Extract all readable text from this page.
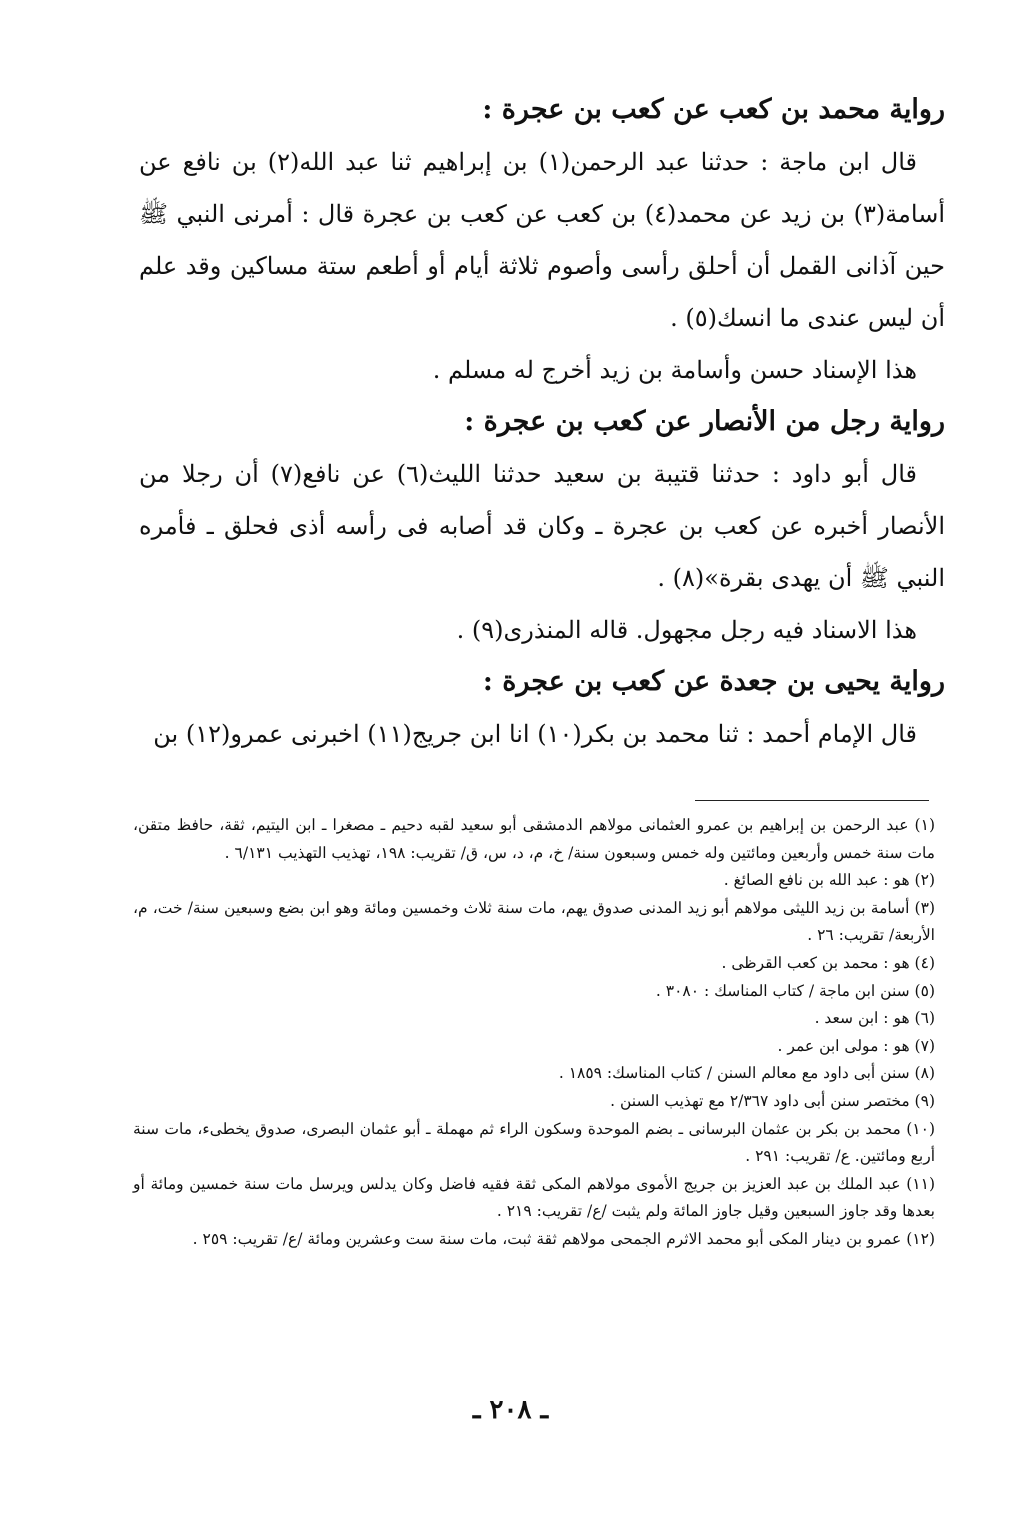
رواية محمد بن كعب عن كعب بن عجرة :

قال ابن ماجة : حدثنا عبد الرحمن(١) بن إبراهيم ثنا عبد الله(٢) بن نافع عن أسامة(٣) بن زيد عن محمد(٤) بن كعب عن كعب بن عجرة قال : أمرنى النبي ﷺ حين آذانى القمل أن أحلق رأسى وأصوم ثلاثة أيام أو أطعم ستة مساكين وقد علم أن ليس عندى ما انسك(٥) .

هذا الإسناد حسن وأسامة بن زيد أخرج له مسلم .

رواية رجل من الأنصار عن كعب بن عجرة :

قال أبو داود : حدثنا قتيبة بن سعيد حدثنا الليث(٦) عن نافع(٧) أن رجلا من الأنصار أخبره عن كعب بن عجرة ـ وكان قد أصابه فى رأسه أذى فحلق ـ فأمره النبي ﷺ أن يهدى بقرة»(٨) .

هذا الاسناد فيه رجل مجهول. قاله المنذرى(٩) .

رواية يحيى بن جعدة عن كعب بن عجرة :

قال الإمام أحمد : ثنا محمد بن بكر(١٠) انا ابن جريج(١١) اخبرنى عمرو(١٢) بن

(١) عبد الرحمن بن إبراهيم بن عمرو العثمانى مولاهم الدمشقى أبو سعيد لقبه دحيم ـ مصغرا ـ ابن اليتيم، ثقة، حافظ متقن، مات سنة خمس وأربعين ومائتين وله خمس وسبعون سنة/ خ، م، د، س، ق/ تقريب: ١٩٨، تهذيب التهذيب ٦/١٣١ .

(٢) هو : عبد الله بن نافع الصائغ .

(٣) أسامة بن زيد الليثى مولاهم أبو زيد المدنى صدوق يهم، مات سنة ثلاث وخمسين ومائة وهو ابن بضع وسبعين سنة/ خت، م، الأربعة/ تقريب: ٢٦ .

(٤) هو : محمد بن كعب القرظى .

(٥) سنن ابن ماجة / كتاب المناسك : ٣٠٨٠ .

(٦) هو : ابن سعد .

(٧) هو : مولى ابن عمر .

(٨) سنن أبى داود مع معالم السنن / كتاب المناسك: ١٨٥٩ .

(٩) مختصر سنن أبى داود ٢/٣٦٧ مع تهذيب السنن .

(١٠) محمد بن بكر بن عثمان البرسانى ـ بضم الموحدة وسكون الراء ثم مهملة ـ أبو عثمان البصرى، صدوق يخطىء، مات سنة أربع ومائتين. ع/ تقريب: ٢٩١ .

(١١) عبد الملك بن عبد العزيز بن جريج الأموى مولاهم المكى ثقة فقيه فاضل وكان يدلس ويرسل مات سنة خمسين ومائة أو بعدها وقد جاوز السبعين وقيل جاوز المائة ولم يثبت /ع/ تقريب: ٢١٩ .

(١٢) عمرو بن دينار المكى أبو محمد الاثرم الجمحى مولاهم ثقة ثبت، مات سنة ست وعشرين ومائة /ع/ تقريب: ٢٥٩ .

ـ ٢٠٨ ـ
